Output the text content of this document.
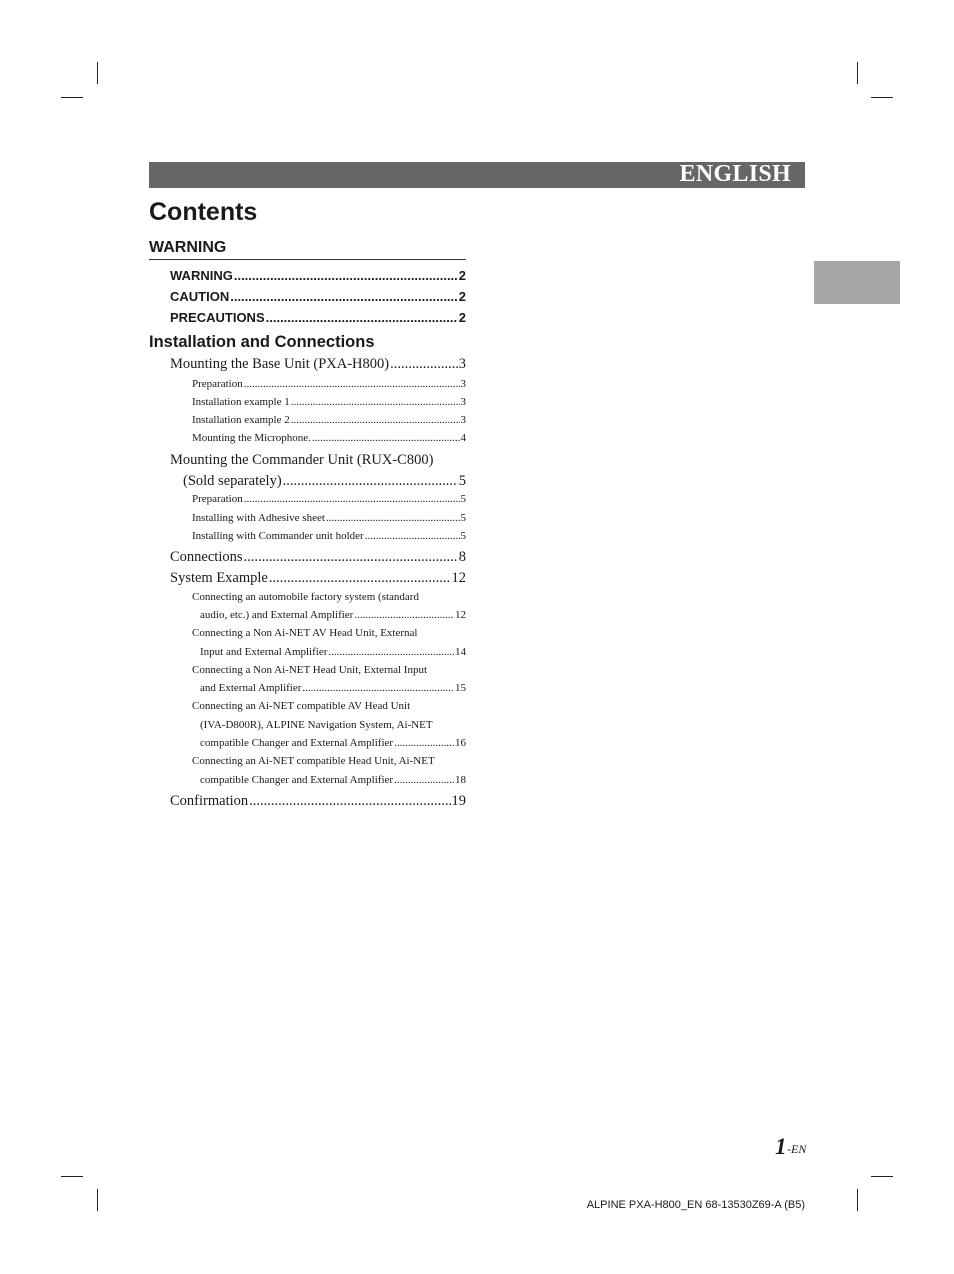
ENGLISH
Contents
WARNING
WARNING .....	2
CAUTION .....	2
PRECAUTIONS .....	2
Installation and Connections
Mounting the Base Unit (PXA-H800) .....	3
Preparation .....	3
Installation example 1 .....	3
Installation example 2 .....	3
Mounting the Microphone. .....	4
Mounting the Commander Unit (RUX-C800)
(Sold separately) .....	5
Preparation .....	5
Installing with Adhesive sheet .....	5
Installing with Commander unit holder .....	5
Connections .....	8
System Example .....	12
Connecting an automobile factory system (standard
audio, etc.) and External Amplifier .....	12
Connecting a Non Ai-NET AV Head Unit, External
Input and External Amplifier .....	14
Connecting a Non Ai-NET Head Unit, External Input
and External Amplifier .....	15
Connecting an Ai-NET compatible AV Head Unit
(IVA-D800R), ALPINE Navigation System, Ai-NET
compatible Changer and External Amplifier .....	16
Connecting an Ai-NET compatible Head Unit, Ai-NET
compatible Changer and External Amplifier .....	18
Confirmation .....	19
1 -EN
ALPINE PXA-H800_EN 68-13530Z69-A (B5)
